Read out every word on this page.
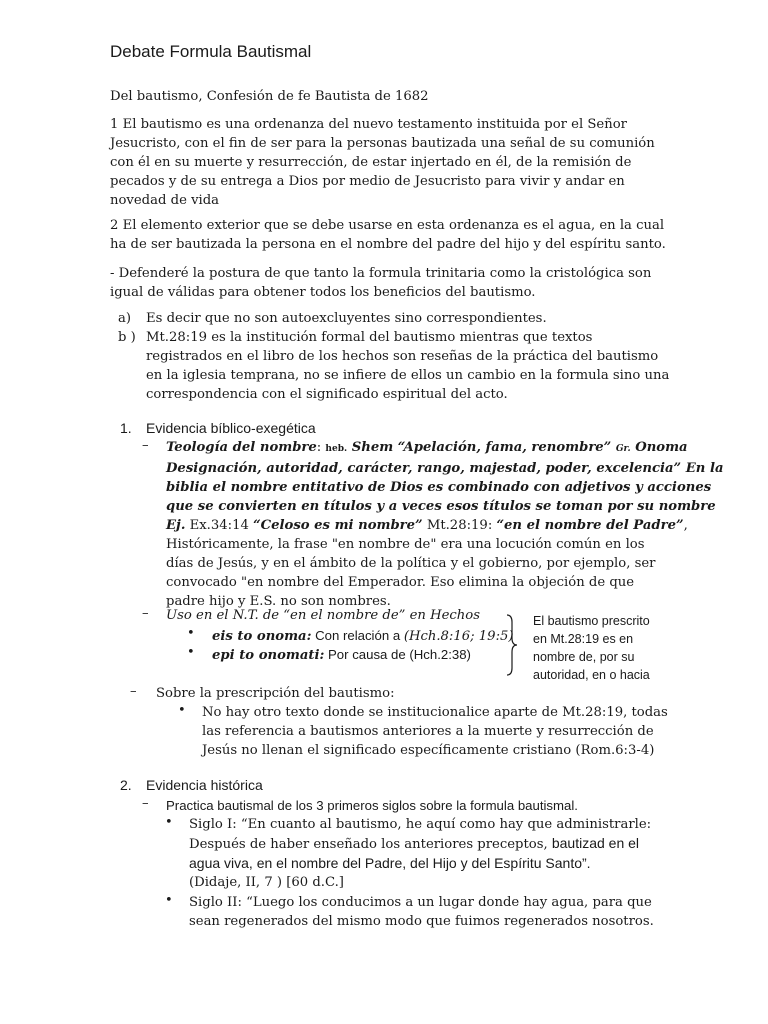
Debate Formula Bautismal
Del bautismo, Confesión de fe Bautista de 1682

1 El bautismo es una ordenanza del nuevo testamento instituida por el Señor

Jesucristo, con el fin de ser para la personas bautizada una señal de su comunión

con él en su muerte y resurrección, de estar injertado en él, de la remisión de

pecados y de su entrega a Dios por medio de Jesucristo para vivir y andar en

novedad de vida

2 El elemento exterior que se debe usarse en esta ordenanza es el agua, en la cual

ha de ser bautizada la persona en el nombre del padre del hijo y del espíritu santo.

- Defenderé la postura de que tanto la formula trinitaria como la cristológica son

igual de válidas para obtener todos los beneficios del bautismo.

a) Es decir que no son autoexcluyentes sino correspondientes.
b ) Mt.28:19 es la institución formal del bautismo mientras que textos

registrados en el libro de los hechos son reseñas de la práctica del bautismo

en la iglesia temprana, no se infiere de ellos un cambio en la formula sino una

correspondencia con el significado espiritual del acto.

1. Evidencia bíblico-exegética
– Teología del nombre: heb. Shem “Apelación, fama, renombre” Gr. Onoma

Designación, autoridad, carácter, rango, majestad, poder, excelencia” En la

biblia el nombre entitativo de Dios es combinado con adjetivos y acciones

que se convierten en títulos y a veces esos títulos se toman por su nombre

Ej. Ex.34:14 “Celoso es mi nombre” Mt.28:19: “en el nombre del Padre”,

Históricamente, la frase "en nombre de" era una locución común en los

días de Jesús, y en el ámbito de la política y el gobierno, por ejemplo, ser

convocado "en nombre del Emperador. Eso elimina la objeción de que

padre hijo y E.S. no son nombres.

– Uso en el N.T. de “en el nombre de” en Hechos

• eis to onoma: Con relación a (Hch.8:16; 19:5)

• epi to onomati: Por causa de (Hch.2:38)

El bautismo prescrito

en Mt.28:19 es en

nombre de, por su

autoridad, en o hacia

– Sobre la prescripción del bautismo:

• No hay otro texto donde se institucionalice aparte de Mt.28:19, todas

las referencia a bautismos anteriores a la muerte y resurrección de

Jesús no llenan el significado específicamente cristiano (Rom.6:3-4)

2. Evidencia histórica
– Practica bautismal de los 3 primeros siglos sobre la formula bautismal.

• Siglo I: “En cuanto al bautismo, he aquí como hay que administrarle:

Después de haber enseñado los anteriores preceptos, bautizad en el

agua viva, en el nombre del Padre, del Hijo y del Espíritu Santo”.

(Didaje, II, 7 ) [60 d.C.]

• Siglo II: “Luego los conducimos a un lugar donde hay agua, para que

sean regenerados del mismo modo que fuimos regenerados nosotros.
